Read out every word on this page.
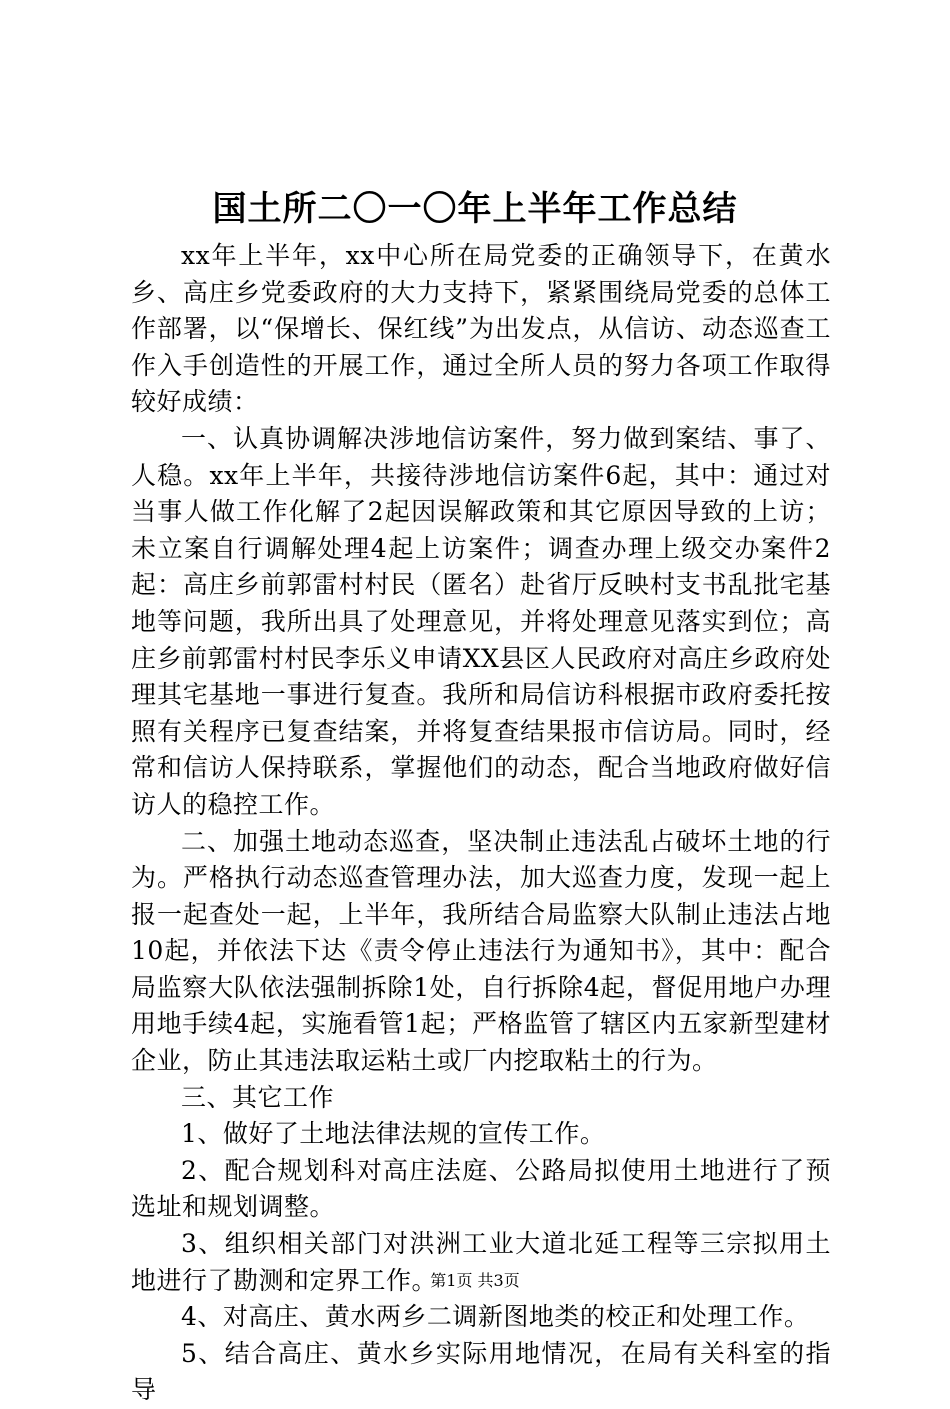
国土所二〇一〇年上半年工作总结

xx年上半年，xx中心所在局党委的正确领导下，在黄水乡、高庄乡党委政府的大力支持下，紧紧围绕局党委的总体工作部署，以“保增长、保红线”为出发点，从信访、动态巡查工作入手创造性的开展工作，通过全所人员的努力各项工作取得较好成绩：

一、认真协调解决涉地信访案件，努力做到案结、事了、人稳。xx年上半年，共接待涉地信访案件6起，其中：通过对当事人做工作化解了2起因误解政策和其它原因导致的上访；未立案自行调解处理4起上访案件；调查办理上级交办案件2起：高庄乡前郭雷村村民（匿名）赴省厅反映村支书乱批宅基地等问题，我所出具了处理意见，并将处理意见落实到位；高庄乡前郭雷村村民李乐义申请XX县区人民政府对高庄乡政府处理其宅基地一事进行复查。我所和局信访科根据市政府委托按照有关程序已复查结案，并将复查结果报市信访局。同时，经常和信访人保持联系，掌握他们的动态，配合当地政府做好信访人的稳控工作。

二、加强土地动态巡查，坚决制止违法乱占破坏土地的行为。严格执行动态巡查管理办法，加大巡查力度，发现一起上报一起查处一起，上半年，我所结合局监察大队制止违法占地10起，并依法下达《责令停止违法行为通知书》，其中：配合局监察大队依法强制拆除1处，自行拆除4起，督促用地户办理用地手续4起，实施看管1起；严格监管了辖区内五家新型建材企业，防止其违法取运粘土或厂内挖取粘土的行为。

三、其它工作

1、做好了土地法律法规的宣传工作。

2、配合规划科对高庄法庭、公路局拟使用土地进行了预选址和规划调整。

3、组织相关部门对洪洲工业大道北延工程等三宗拟用土地进行了勘测和定界工作。

4、对高庄、黄水两乡二调新图地类的校正和处理工作。

5、结合高庄、黄水乡实际用地情况，在局有关科室的指导

第1页 共3页
